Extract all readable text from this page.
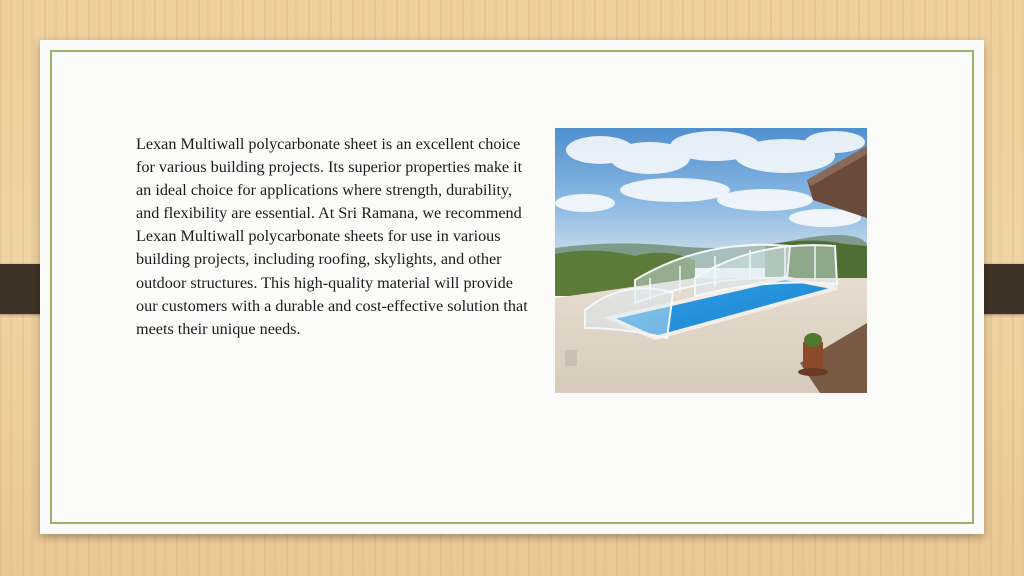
Lexan Multiwall polycarbonate sheet is an excellent choice for various building projects. Its superior properties make it an ideal choice for applications where strength, durability, and flexibility are essential. At Sri Ramana, we recommend Lexan Multiwall polycarbonate sheets for use in various building projects, including roofing, skylights, and other outdoor structures. This high-quality material will provide our customers with a durable and cost-effective solution that meets their unique needs.
